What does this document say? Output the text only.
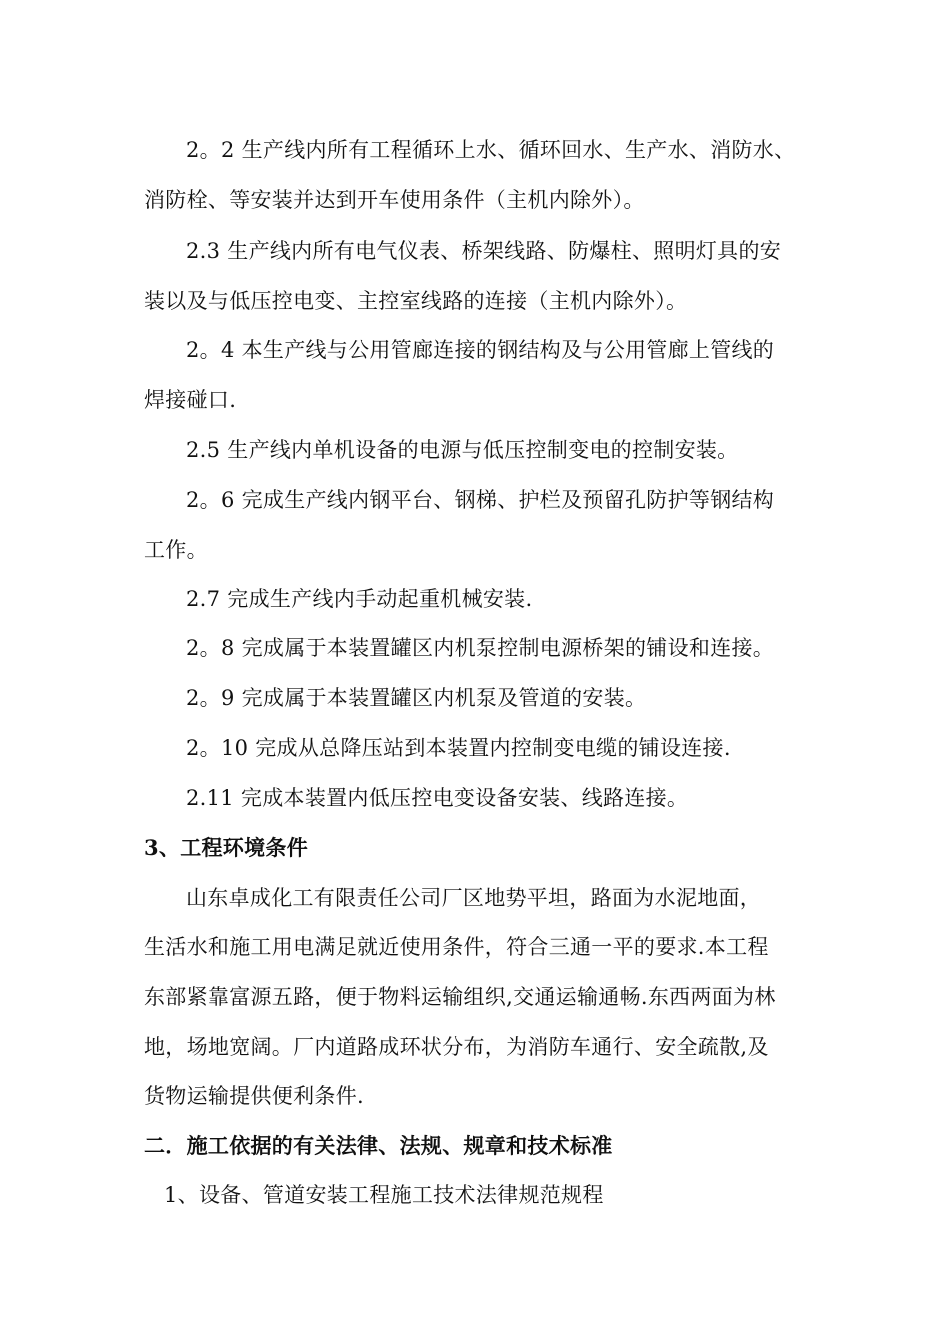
2。2 生产线内所有工程循环上水、循环回水、生产水、消防水、
消防栓、等安装并达到开车使用条件（主机内除外）。
2.3 生产线内所有电气仪表、桥架线路、防爆柱、照明灯具的安
装以及与低压控电变、主控室线路的连接（主机内除外）。
2。4 本生产线与公用管廊连接的钢结构及与公用管廊上管线的
焊接碰口.
2.5 生产线内单机设备的电源与低压控制变电的控制安装。
2。6 完成生产线内钢平台、钢梯、护栏及预留孔防护等钢结构
工作。
2.7 完成生产线内手动起重机械安装.
2。8 完成属于本装置罐区内机泵控制电源桥架的铺设和连接。
2。9 完成属于本装置罐区内机泵及管道的安装。
2。10 完成从总降压站到本装置内控制变电缆的铺设连接.
2.11 完成本装置内低压控电变设备安装、线路连接。
3、工程环境条件
山东卓成化工有限责任公司厂区地势平坦，路面为水泥地面，
生活水和施工用电满足就近使用条件，符合三通一平的要求.本工程
东部紧靠富源五路，便于物料运输组织,交通运输通畅.东西两面为林
地，场地宽阔。厂内道路成环状分布，为消防车通行、安全疏散,及
货物运输提供便利条件.
二．施工依据的有关法律、法规、规章和技术标准
1、设备、管道安装工程施工技术法律规范规程
